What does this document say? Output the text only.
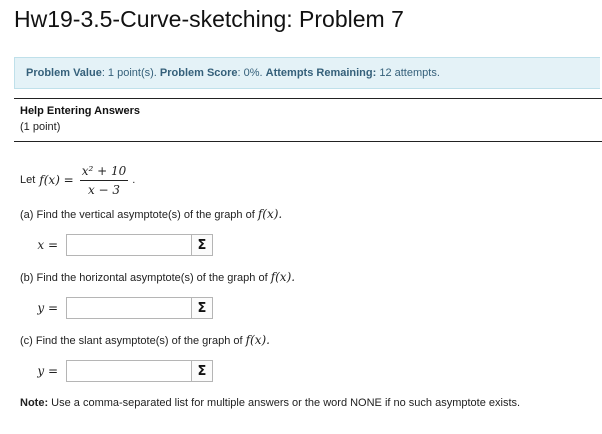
Hw19-3.5-Curve-sketching: Problem 7
Problem Value: 1 point(s). Problem Score: 0%. Attempts Remaining: 12 attempts.
Help Entering Answers
(1 point)
Let $f(x) = \frac{\text{x² + 10}}{x - 3}$ .
(a) Find the vertical asymptote(s) of the graph of f(x).
x =	Σ
(b) Find the horizontal asymptote(s) of the graph of f(x).
y =	Σ
(c) Find the slant asymptote(s) of the graph of f(x).
y =	Σ
Note: Use a comma-separated list for multiple answers or the word NONE if no such asymptote exists.
